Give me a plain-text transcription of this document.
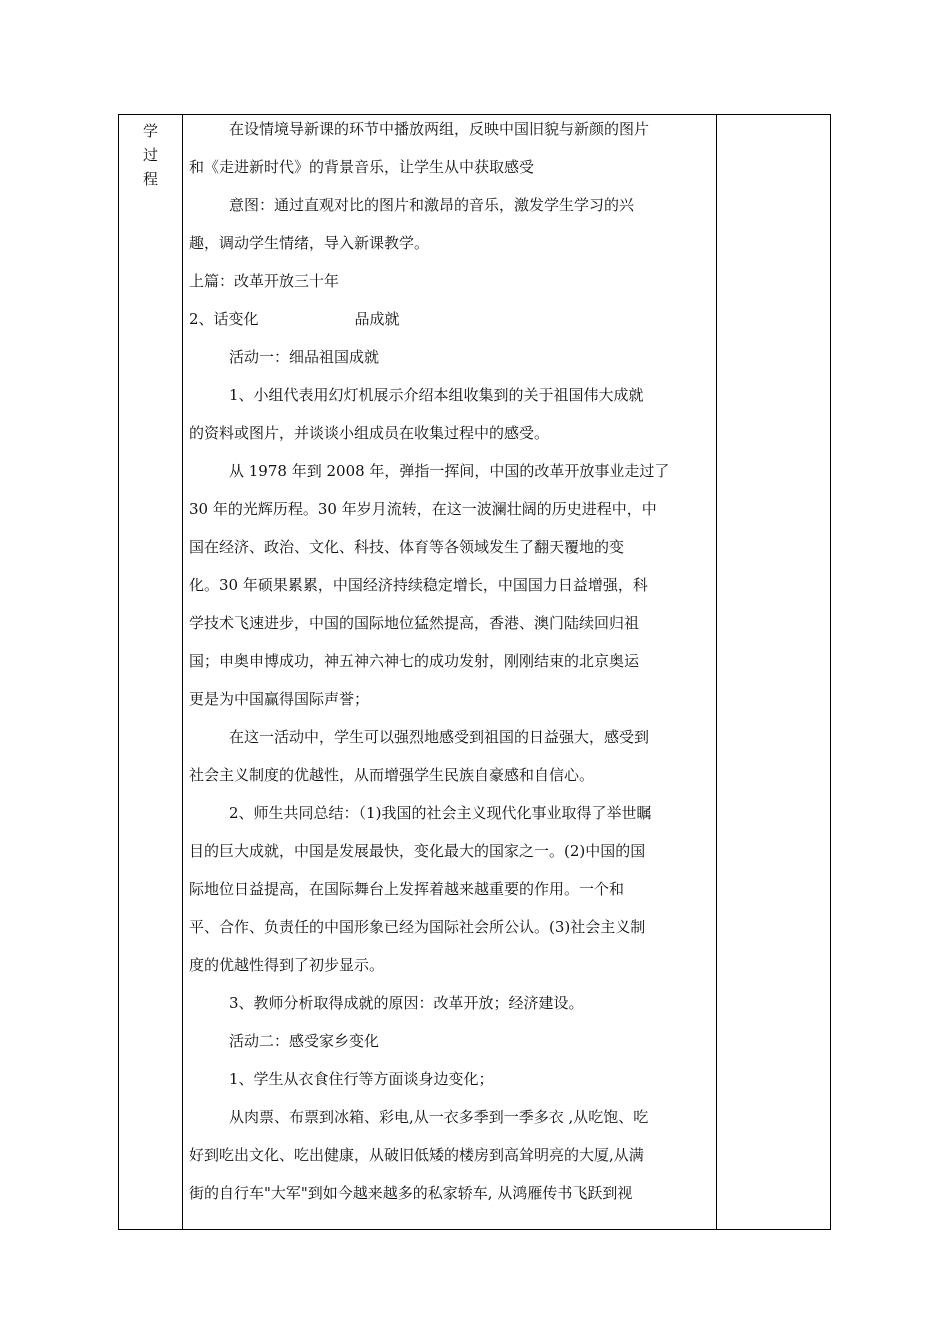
学
过
程
在设情境导新课的环节中播放两组，反映中国旧貌与新颜的图片
和《走进新时代》的背景音乐，让学生从中获取感受
意图：通过直观对比的图片和激昂的音乐，激发学生学习的兴
趣，调动学生情绪，导入新课教学。
上篇：改革开放三十年
2、话变化	品成就
活动一：细品祖国成就
1、小组代表用幻灯机展示介绍本组收集到的关于祖国伟大成就
的资料或图片，并谈谈小组成员在收集过程中的感受。
从 1978 年到 2008 年，弹指一挥间，中国的改革开放事业走过了
30 年的光辉历程。30 年岁月流转，在这一波澜壮阔的历史进程中，中
国在经济、政治、文化、科技、体育等各领域发生了翻天覆地的变
化。30 年硕果累累，中国经济持续稳定增长，中国国力日益增强，科
学技术飞速进步，中国的国际地位猛然提高，香港、澳门陆续回归祖
国；申奥申博成功，神五神六神七的成功发射，刚刚结束的北京奥运
更是为中国赢得国际声誉；
在这一活动中，学生可以强烈地感受到祖国的日益强大，感受到
社会主义制度的优越性，从而增强学生民族自豪感和自信心。
2、师生共同总结：（1)我国的社会主义现代化事业取得了举世瞩
目的巨大成就，中国是发展最快，变化最大的国家之一。(2)中国的国
际地位日益提高，在国际舞台上发挥着越来越重要的作用。一个和
平、合作、负责任的中国形象已经为国际社会所公认。(3)社会主义制
度的优越性得到了初步显示。
3、教师分析取得成就的原因：改革开放；经济建设。
活动二：感受家乡变化
1、学生从衣食住行等方面谈身边变化；
从肉票、布票到冰箱、彩电,从一衣多季到一季多衣 ,从吃饱、吃
好到吃出文化、吃出健康，从破旧低矮的楼房到高耸明亮的大厦,从满
街的自行车"大军"到如今越来越多的私家轿车, 从鸿雁传书飞跃到视
